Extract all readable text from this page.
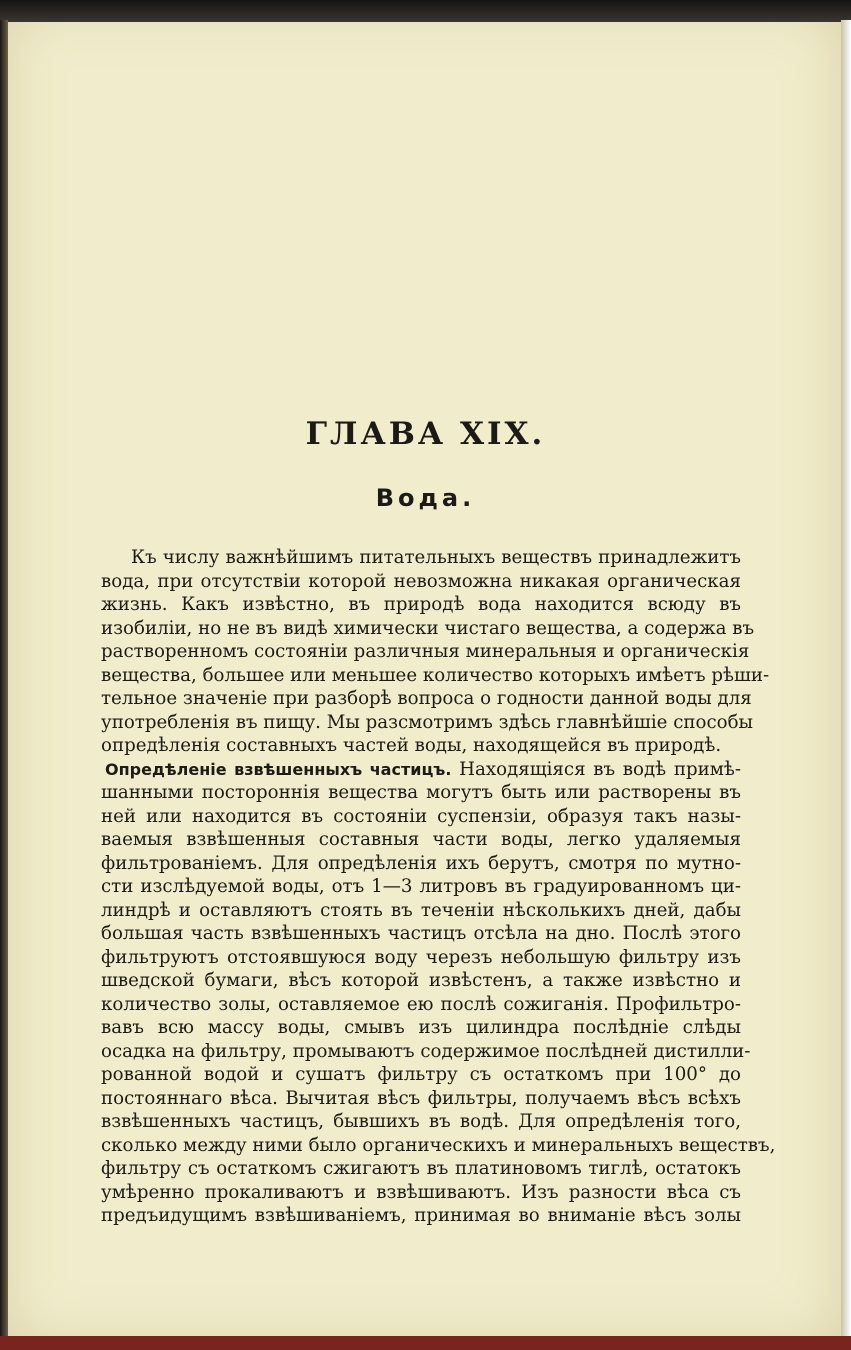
ГЛАВА XIX.
Вода.
Къ числу важнѣйшимъ питательныхъ веществъ принадлежитъ
вода, при отсутствіи которой невозможна никакая органическая
жизнь. Какъ извѣстно, въ природѣ вода находится всюду въ
изобиліи, но не въ видѣ химически чистаго вещества, а содержа въ
растворенномъ состояніи различныя минеральныя и органическія
вещества, большее или меньшее количество которыхъ имѣетъ рѣши-
тельное значеніе при разборѣ вопроса о годности данной воды для
употребленія въ пищу. Мы разсмотримъ здѣсь главнѣйшіе способы
опредѣленія составныхъ частей воды, находящейся въ природѣ.
Опредѣленіе взвѣшенныхъ частицъ. Находящіяся въ водѣ примѣ-
шанными постороннія вещества могутъ быть или растворены въ
ней или находится въ состояніи суспензіи, образуя такъ назы-
ваемыя взвѣшенныя составныя части воды, легко удаляемыя
фильтрованіемъ. Для опредѣленія ихъ берутъ, смотря по мутно-
сти изслѣдуемой воды, отъ 1—3 литровъ въ градуированномъ ци-
линдрѣ и оставляютъ стоять въ теченіи нѣсколькихъ дней, дабы
большая часть взвѣшенныхъ частицъ отсѣла на дно. Послѣ этого
фильтруютъ отстоявшуюся воду черезъ небольшую фильтру изъ
шведской бумаги, вѣсъ которой извѣстенъ, а также извѣстно и
количество золы, оставляемое ею послѣ сожиганія. Профильтро-
вавъ всю массу воды, смывъ изъ цилиндра послѣдніе слѣды
осадка на фильтру, промываютъ содержимое послѣдней дистилли-
рованной водой и сушатъ фильтру съ остаткомъ при 100° до
постояннаго вѣса. Вычитая вѣсъ фильтры, получаемъ вѣсъ всѣхъ
взвѣшенныхъ частицъ, бывшихъ въ водѣ. Для опредѣленія того,
сколько между ними было органическихъ и минеральныхъ веществъ,
фильтру съ остаткомъ сжигаютъ въ платиновомъ тиглѣ, остатокъ
умѣренно прокаливаютъ и взвѣшиваютъ. Изъ разности вѣса съ
предъидущимъ взвѣшиваніемъ, принимая во вниманіе вѣсъ золы
